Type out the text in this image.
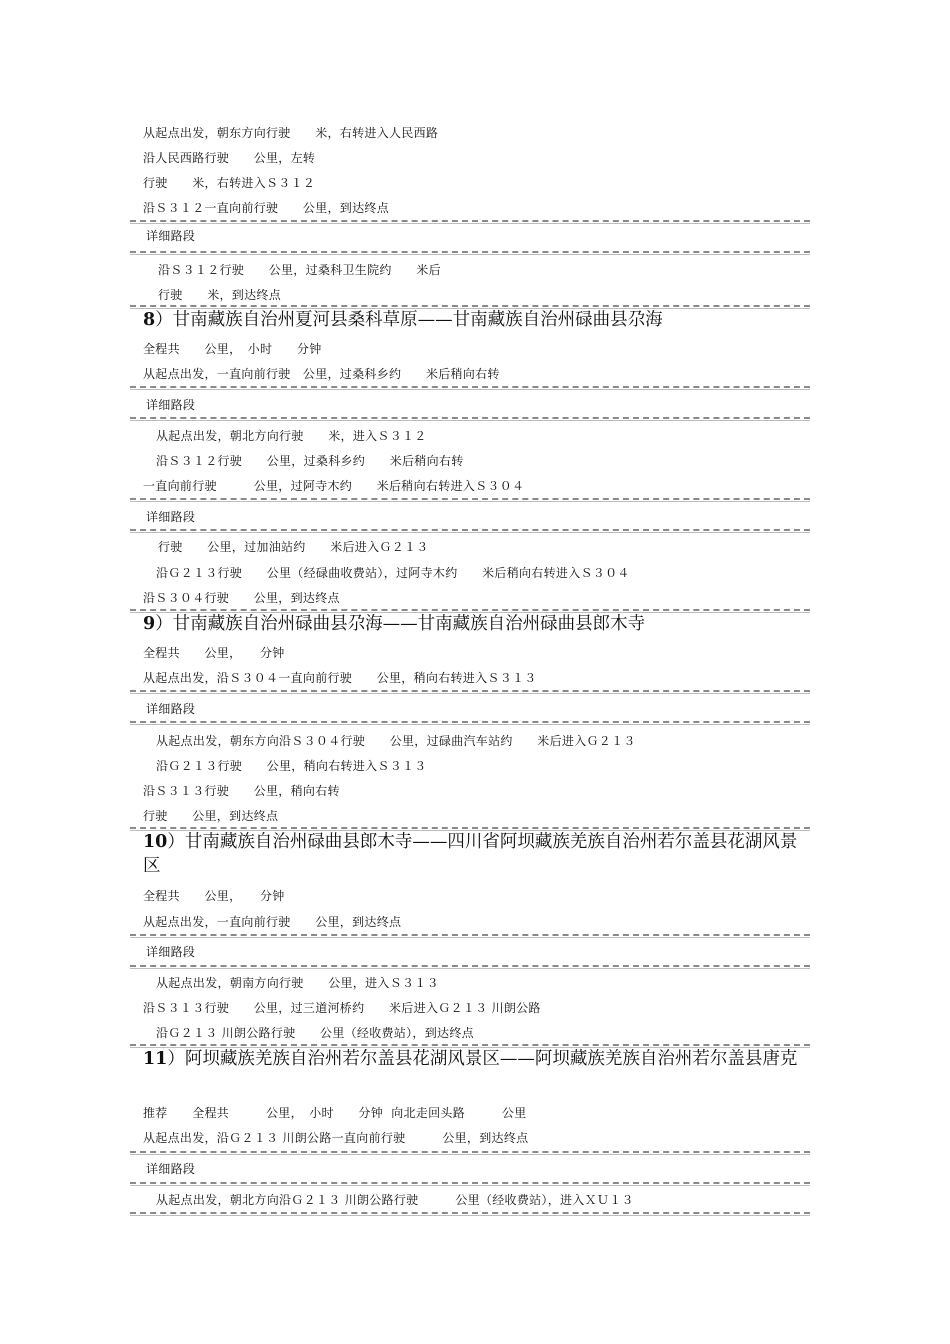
从起点出发，朝东方向行驶　　米，右转进入人民西路
沿人民西路行驶　　公里，左转
行驶　　米，右转进入Ｓ３１２
沿Ｓ３１２一直向前行驶　　公里，到达终点
详细路段
沿Ｓ３１２行驶　　公里，过桑科卫生院约　　米后
行驶　　米，到达终点
8）甘南藏族自治州夏河县桑科草原——甘南藏族自治州碌曲县尕海
全程共　　公里，　小时　　分钟
从起点出发，一直向前行驶　公里，过桑科乡约　　米后稍向右转
详细路段
从起点出发，朝北方向行驶　　米，进入Ｓ３１２
沿Ｓ３１２行驶　　公里，过桑科乡约　　米后稍向右转
一直向前行驶　　　公里，过阿寺木约　　米后稍向右转进入Ｓ３０４
详细路段
行驶　　公里，过加油站约　　米后进入Ｇ２１３
沿Ｇ２１３行驶　　公里（经碌曲收费站），过阿寺木约　　米后稍向右转进入Ｓ３０４
沿Ｓ３０４行驶　　公里，到达终点
9）甘南藏族自治州碌曲县尕海——甘南藏族自治州碌曲县郎木寺
全程共　　公里，　　分钟
从起点出发，沿Ｓ３０４一直向前行驶　　公里，稍向右转进入Ｓ３１３
详细路段
从起点出发，朝东方向沿Ｓ３０４行驶　　公里，过碌曲汽车站约　　米后进入Ｇ２１３
沿Ｇ２１３行驶　　公里，稍向右转进入Ｓ３１３
沿Ｓ３１３行驶　　公里，稍向右转
行驶　　公里，到达终点
10）甘南藏族自治州碌曲县郎木寺——四川省阿坝藏族羌族自治州若尔盖县花湖风景区
全程共　　公里，　　分钟
从起点出发，一直向前行驶　　公里，到达终点
详细路段
从起点出发，朝南方向行驶　　公里，进入Ｓ３１３
沿Ｓ３１３行驶　　公里，过三道河桥约　　米后进入Ｇ２１３ 川朗公路
沿Ｇ２１３ 川朗公路行驶　　公里（经收费站），到达终点
11）阿坝藏族羌族自治州若尔盖县花湖风景区——阿坝藏族羌族自治州若尔盖县唐克
推荐　　全程共　　　公里，　小时　　分钟  向北走回头路　　　公里
从起点出发，沿Ｇ２１３ 川朗公路一直向前行驶　　　公里，到达终点
详细路段
从起点出发，朝北方向沿Ｇ２１３ 川朗公路行驶　　　公里（经收费站），进入ＸＵ１３
